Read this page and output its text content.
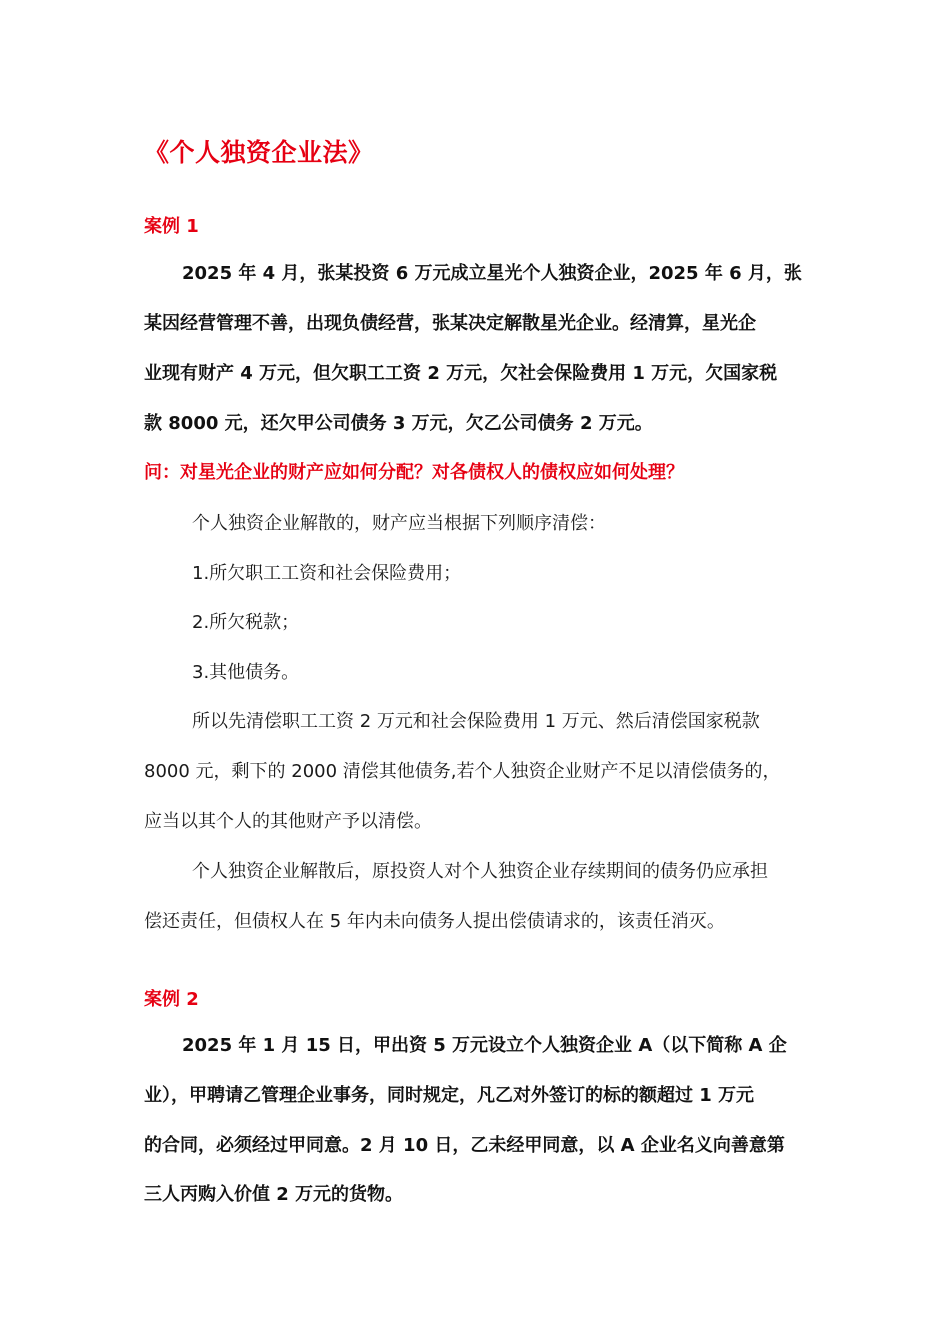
《个人独资企业法》
案例 1
2025 年 4 月，张某投资 6 万元成立星光个人独资企业，2025 年 6 月，张
某因经营管理不善，出现负债经营，张某决定解散星光企业。经清算，星光企
业现有财产 4 万元，但欠职工工资 2 万元，欠社会保险费用 1 万元，欠国家税
款 8000 元，还欠甲公司债务 3 万元，欠乙公司债务 2 万元。
问：对星光企业的财产应如何分配？对各债权人的债权应如何处理？
个人独资企业解散的，财产应当根据下列顺序清偿：
1.所欠职工工资和社会保险费用；
2.所欠税款；
3.其他债务。
所以先清偿职工工资 2 万元和社会保险费用 1 万元、然后清偿国家税款
8000 元，剩下的 2000 清偿其他债务,若个人独资企业财产不足以清偿债务的，
应当以其个人的其他财产予以清偿。
个人独资企业解散后，原投资人对个人独资企业存续期间的债务仍应承担
偿还责任，但债权人在 5 年内未向债务人提出偿债请求的，该责任消灭。
案例 2
2025 年 1 月 15 日，甲出资 5 万元设立个人独资企业 A（以下简称 A 企
业），甲聘请乙管理企业事务，同时规定，凡乙对外签订的标的额超过 1 万元
的合同，必须经过甲同意。2 月 10 日，乙未经甲同意，以 A 企业名义向善意第
三人丙购入价值 2 万元的货物。
